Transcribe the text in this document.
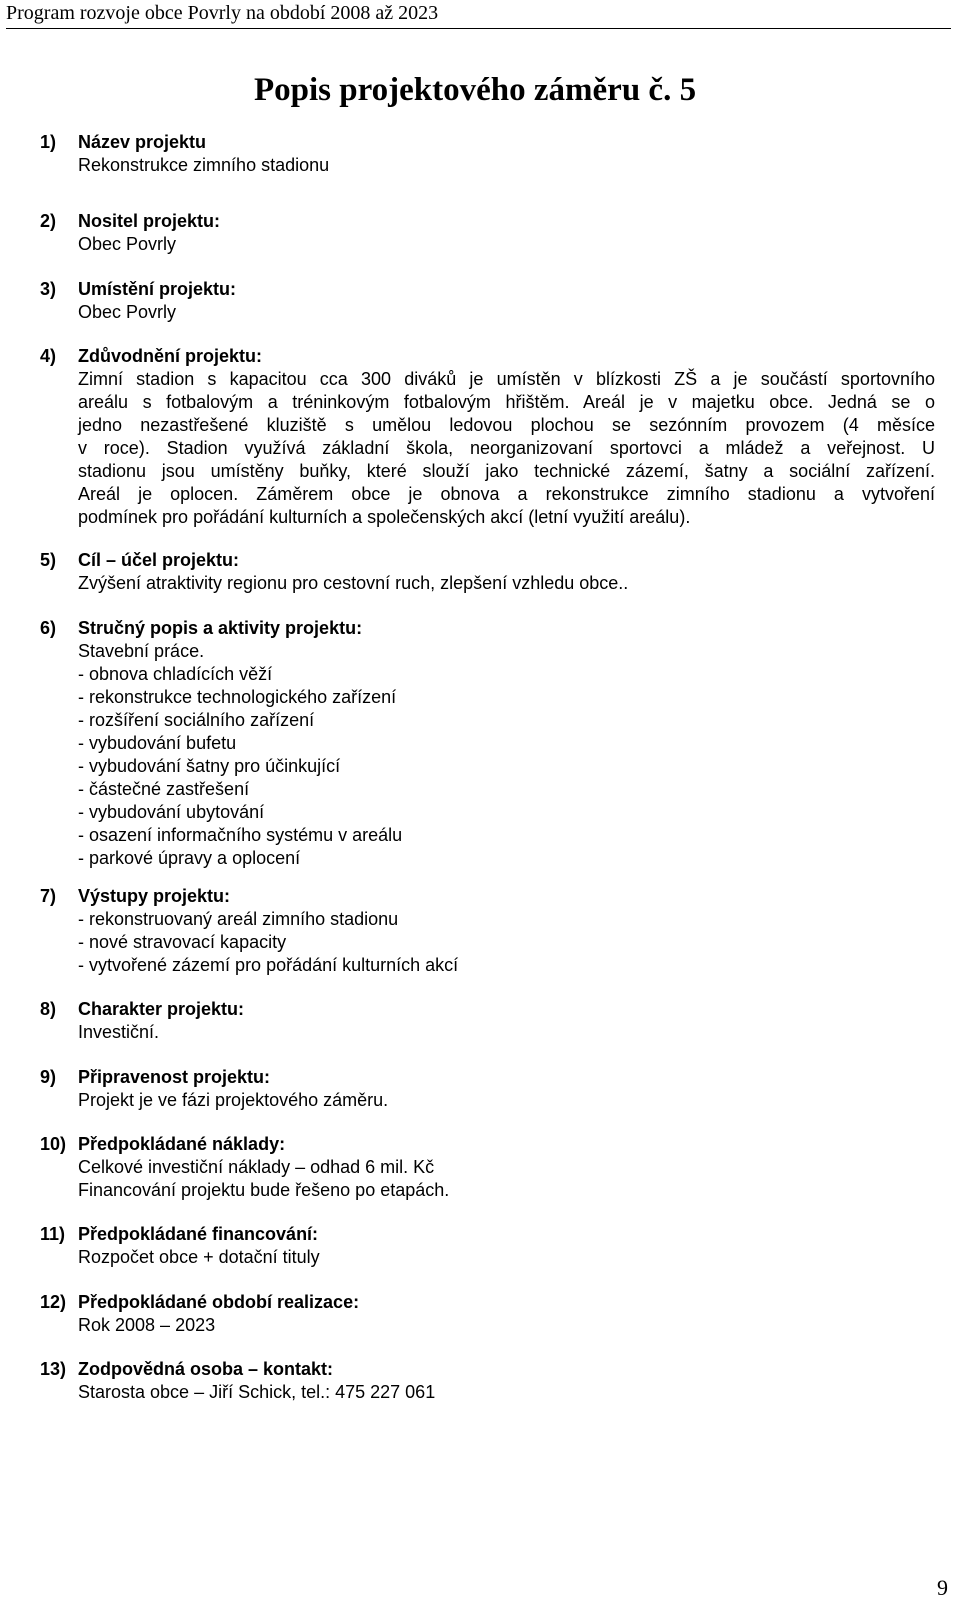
Program rozvoje obce Povrly na období 2008 až 2023
Popis projektového záměru č. 5
1) Název projektu
Rekonstrukce zimního stadionu
2) Nositel projektu:
Obec Povrly
3) Umístění projektu:
Obec Povrly
4) Zdůvodnění projektu:
Zimní stadion s kapacitou cca 300 diváků je umístěn v blízkosti ZŠ a je součástí sportovního
areálu s fotbalovým a tréninkovým fotbalovým hřištěm. Areál je v majetku obce. Jedná se o
jedno nezastřešené kluziště s umělou ledovou plochou se sezónním provozem (4 měsíce
v roce). Stadion využívá základní škola, neorganizovaní sportovci a mládež a veřejnost. U
stadionu jsou umístěny buňky, které slouží jako technické zázemí, šatny a sociální zařízení.
Areál je oplocen. Záměrem obce je obnova a rekonstrukce zimního stadionu a vytvoření
podmínek pro pořádání kulturních a společenských akcí (letní využití areálu).
5) Cíl – účel projektu:
Zvýšení atraktivity regionu pro cestovní ruch, zlepšení vzhledu obce..
6) Stručný popis a aktivity projektu:
Stavební práce.
- obnova chladících věží
- rekonstrukce technologického zařízení
- rozšíření sociálního zařízení
- vybudování bufetu
- vybudování šatny pro účinkující
- částečné zastřešení
- vybudování ubytování
- osazení informačního systému v areálu
- parkové úpravy a oplocení
7) Výstupy projektu:
- rekonstruovaný areál zimního stadionu
- nové stravovací kapacity
- vytvořené zázemí pro pořádání kulturních akcí
8) Charakter projektu:
Investiční.
9) Připravenost projektu:
Projekt je ve fázi projektového záměru.
10) Předpokládané náklady:
Celkové investiční náklady – odhad 6 mil. Kč
Financování projektu bude řešeno po etapách.
11) Předpokládané financování:
Rozpočet obce + dotační tituly
12) Předpokládané období realizace:
Rok 2008 – 2023
13) Zodpovědná osoba – kontakt:
Starosta obce – Jiří Schick, tel.: 475 227 061
9
